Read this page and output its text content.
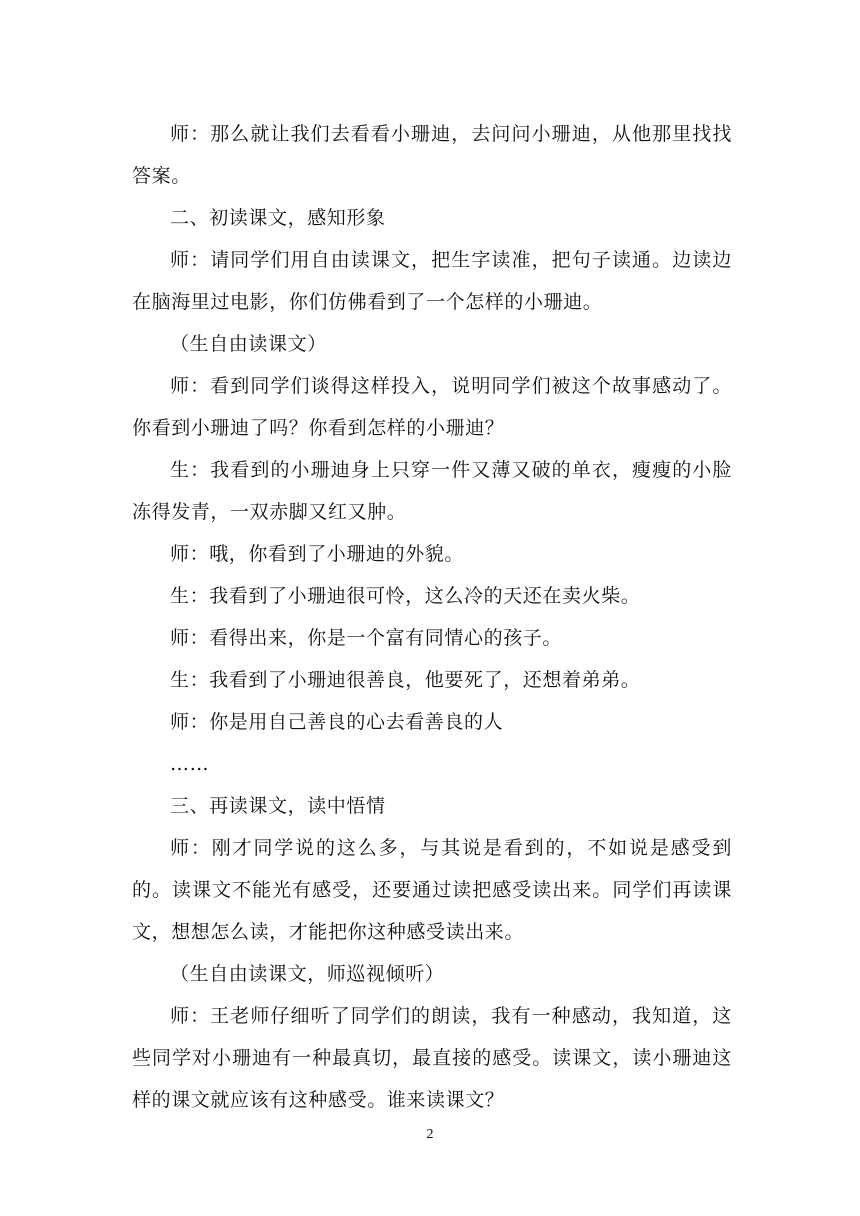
师：那么就让我们去看看小珊迪，去问问小珊迪，从他那里找找答案。

二、初读课文，感知形象

师：请同学们用自由读课文，把生字读准，把句子读通。边读边在脑海里过电影，你们仿佛看到了一个怎样的小珊迪。

（生自由读课文）

师：看到同学们谈得这样投入，说明同学们被这个故事感动了。你看到小珊迪了吗？你看到怎样的小珊迪？

生：我看到的小珊迪身上只穿一件又薄又破的单衣，瘦瘦的小脸冻得发青，一双赤脚又红又肿。

师：哦，你看到了小珊迪的外貌。

生：我看到了小珊迪很可怜，这么冷的天还在卖火柴。

师：看得出来，你是一个富有同情心的孩子。

生：我看到了小珊迪很善良，他要死了，还想着弟弟。

师：你是用自己善良的心去看善良的人

……

三、再读课文，读中悟情

师：刚才同学说的这么多，与其说是看到的，不如说是感受到的。读课文不能光有感受，还要通过读把感受读出来。同学们再读课文，想想怎么读，才能把你这种感受读出来。

（生自由读课文，师巡视倾听）

师：王老师仔细听了同学们的朗读，我有一种感动，我知道，这些同学对小珊迪有一种最真切，最直接的感受。读课文，读小珊迪这样的课文就应该有这种感受。谁来读课文？

2
